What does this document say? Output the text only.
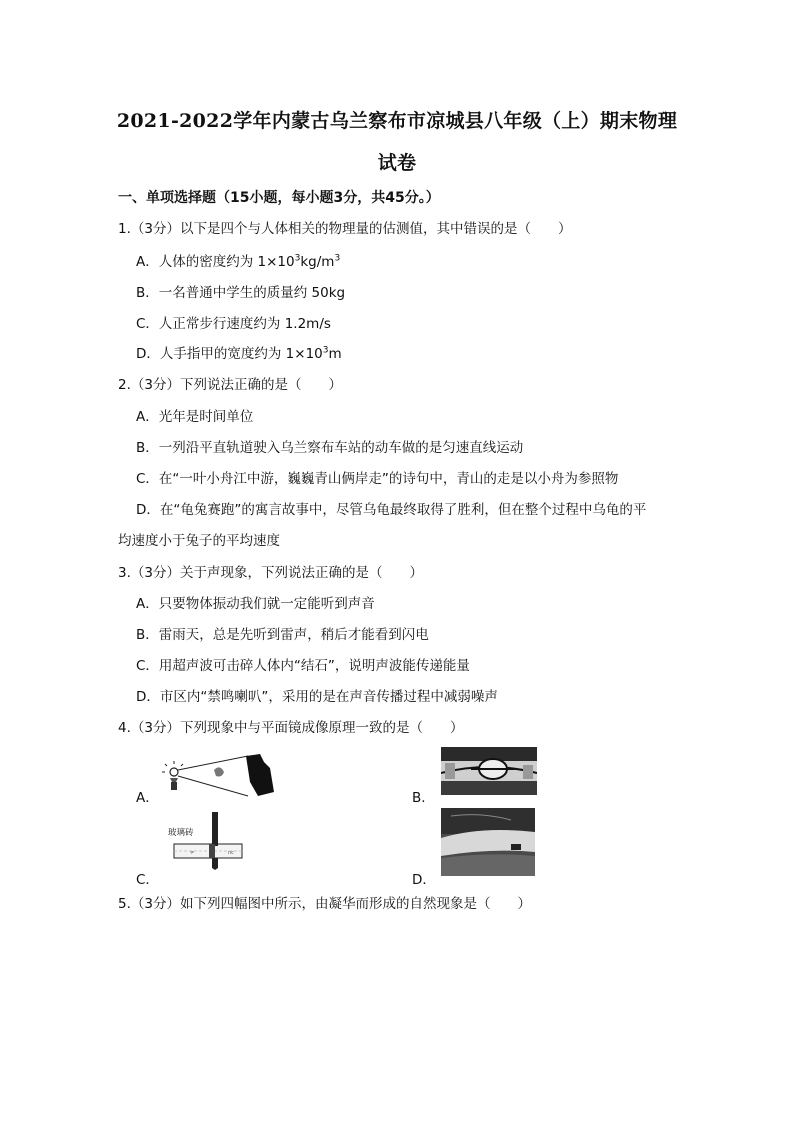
2021-2022学年内蒙古乌兰察布市凉城县八年级（上）期末物理
试卷
一、单项选择题（15小题，每小题3分，共45分。）
1.（3分）以下是四个与人体相关的物理量的估测值，其中错误的是（　　）
A．人体的密度约为 $1\times 10^3kg/m^3$
B．一名普通中学生的质量约 50kg
C．人正常步行速度约为 1.2m/s
D．人手指甲的宽度约为 $1\times 10^3m$
2.（3分）下列说法正确的是（　　）
A．光年是时间单位
B．一列沿平直轨道驶入乌兰察布车站的动车做的是匀速直线运动
C．在“一叶小舟江中游，巍巍青山俩岸走”的诗句中，青山的走是以小舟为参照物
D．在“龟兔赛跑”的寓言故事中，尽管乌龟最终取得了胜利，但在整个过程中乌龟的平
均速度小于兔子的平均速度
3.（3分）关于声现象，下列说法正确的是（　　）
A．只要物体振动我们就一定能听到声音
B．雷雨天，总是先听到雷声，稍后才能看到闪电
C．用超声波可击碎人体内“结石”，说明声波能传递能量
D．市区内“禁鸣喇叭”，采用的是在声音传播过程中减弱噪声
4.（3分）下列现象中与平面镜成像原理一致的是（　　）
A．	B．
C．
≠	nc
玻璃砖
D．
5.（3分）如下列四幅图中所示，由凝华而形成的自然现象是（　　）
